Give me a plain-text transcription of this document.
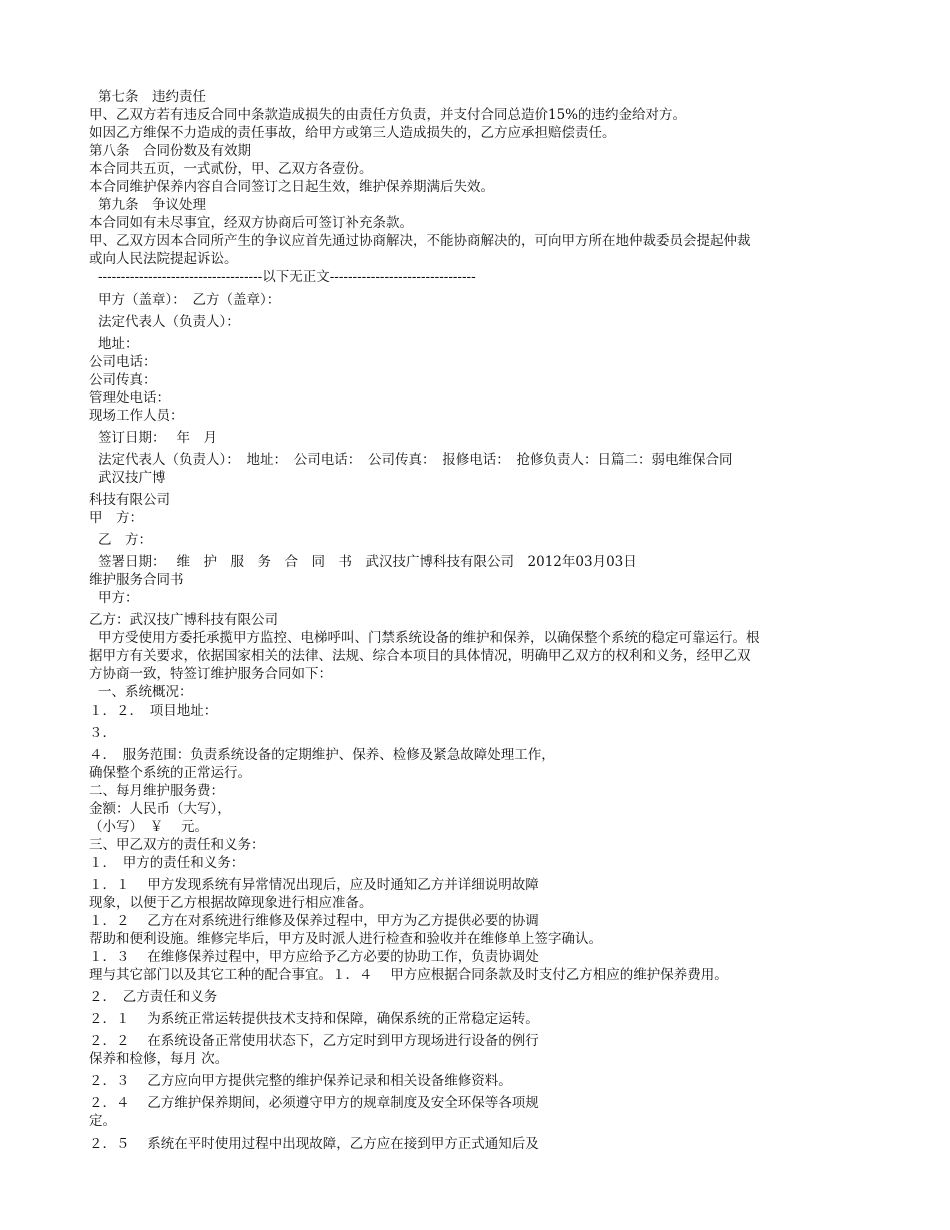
第七条　违约责任
甲、乙双方若有违反合同中条款造成损失的由责任方负责，并支付合同总造价15%的违约金给对方。
如因乙方维保不力造成的责任事故，给甲方或第三人造成损失的，乙方应承担赔偿责任。
第八条　合同份数及有效期
本合同共五页，一式贰份，甲、乙双方各壹份。
本合同维护保养内容自合同签订之日起生效，维护保养期满后失效。
第九条　争议处理
本合同如有未尽事宜，经双方协商后可签订补充条款。
甲、乙双方因本合同所产生的争议应首先通过协商解决，不能协商解决的，可向甲方所在地仲裁委员会提起仲裁
或向人民法院提起诉讼。
------------------------------------以下无正文--------------------------------
甲方（盖章）：　乙方（盖章）：
法定代表人（负责人）：
地址：
公司电话：
公司传真：
管理处电话：
现场工作人员：
签订日期：　 年　月
法定代表人（负责人）：　地址：　公司电话：　公司传真：　报修电话：　抢修负责人：日篇二：弱电维保合同
武汉技广博
科技有限公司
甲　方：
乙　方：
签署日期：　 维　护　服　务　合　同　书　武汉技广博科技有限公司　2012年03月03日
维护服务合同书
甲方：
乙方：武汉技广博科技有限公司
甲方受使用方委托承揽甲方监控、电梯呼叫、门禁系统设备的维护和保养，以确保整个系统的稳定可靠运行。根
据甲方有关要求，依据国家相关的法律、法规、综合本项目的具体情况，明确甲乙双方的权利和义务，经甲乙双
方协商一致，特签订维护服务合同如下：
一、系统概况：
１．２．　项目地址：
３．
４．　服务范围：负责系统设备的定期维护、保养、检修及紧急故障处理工作，
确保整个系统的正常运行。
二、每月维护服务费：
金额：人民币（大写），
（小写）　￥　 元。
三、甲乙双方的责任和义务：
１．　甲方的责任和义务：
１．１　 甲方发现系统有异常情况出现后，应及时通知乙方并详细说明故障
现象，以便于乙方根据故障现象进行相应准备。
１．２　 乙方在对系统进行维修及保养过程中，甲方为乙方提供必要的协调
帮助和便利设施。维修完毕后，甲方及时派人进行检查和验收并在维修单上签字确认。
１．３　 在维修保养过程中，甲方应给予乙方必要的协助工作，负责协调处
理与其它部门以及其它工种的配合事宜。１．４　 甲方应根据合同条款及时支付乙方相应的维护保养费用。
２．　乙方责任和义务
２．１　 为系统正常运转提供技术支持和保障，确保系统的正常稳定运转。
２．２　 在系统设备正常使用状态下，乙方定时到甲方现场进行设备的例行
保养和检修，每月 次。
２．３　 乙方应向甲方提供完整的维护保养记录和相关设备维修资料。
２．４　 乙方维护保养期间，必须遵守甲方的规章制度及安全环保等各项规
定。
２．５　 系统在平时使用过程中出现故障，乙方应在接到甲方正式通知后及
